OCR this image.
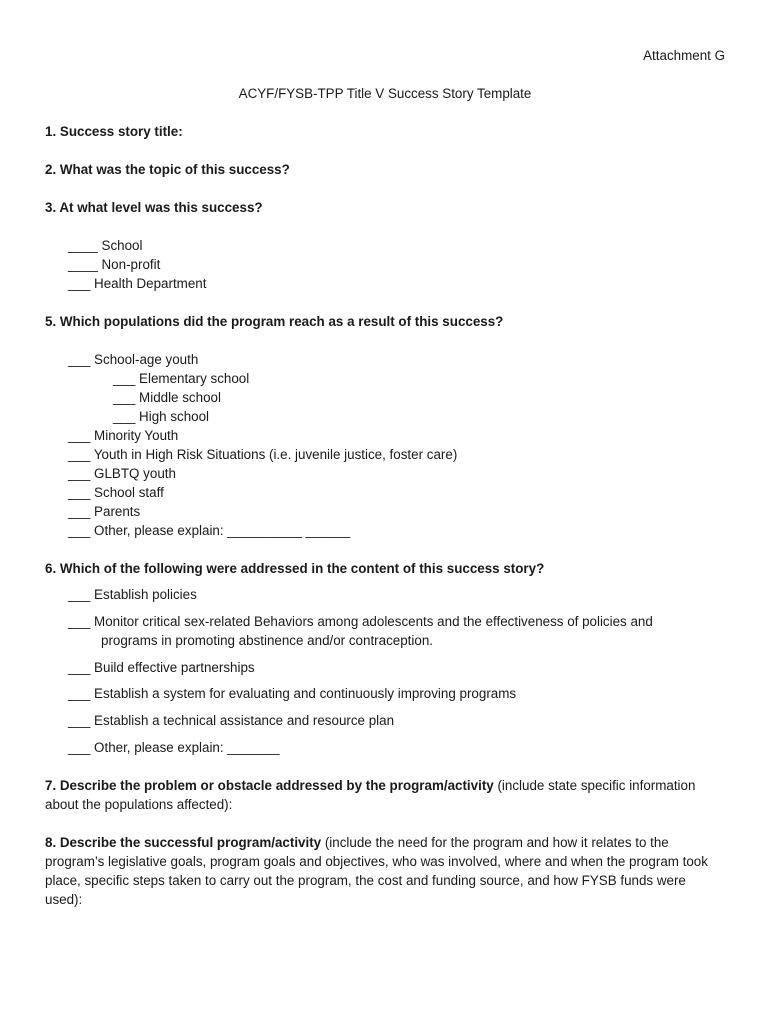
Attachment G
ACYF/FYSB-TPP Title V Success Story Template
1. Success story title:
2. What was the topic of this success?
3. At what level was this success?
____ School
____ Non-profit
___ Health Department
5. Which populations did the program reach as a result of this success?
___ School-age youth
___ Elementary school
___ Middle school
___ High school
___ Minority Youth
___ Youth in High Risk Situations (i.e. juvenile justice, foster care)
___ GLBTQ youth
___ School staff
___ Parents
___ Other, please explain: __________ ______
6. Which of the following were addressed in the content of this success story?
___ Establish policies
___ Monitor critical sex-related Behaviors among adolescents and the effectiveness of policies and
programs in promoting abstinence and/or contraception.
___ Build effective partnerships
___ Establish a system for evaluating and continuously improving programs
___ Establish a technical assistance and resource plan
___ Other, please explain: _______
7. Describe the problem or obstacle addressed by the program/activity (include state specific information about the populations affected):
8. Describe the successful program/activity (include the need for the program and how it relates to the program’s legislative goals, program goals and objectives, who was involved, where and when the program took place, specific steps taken to carry out the program, the cost and funding source, and how FYSB funds were used):
